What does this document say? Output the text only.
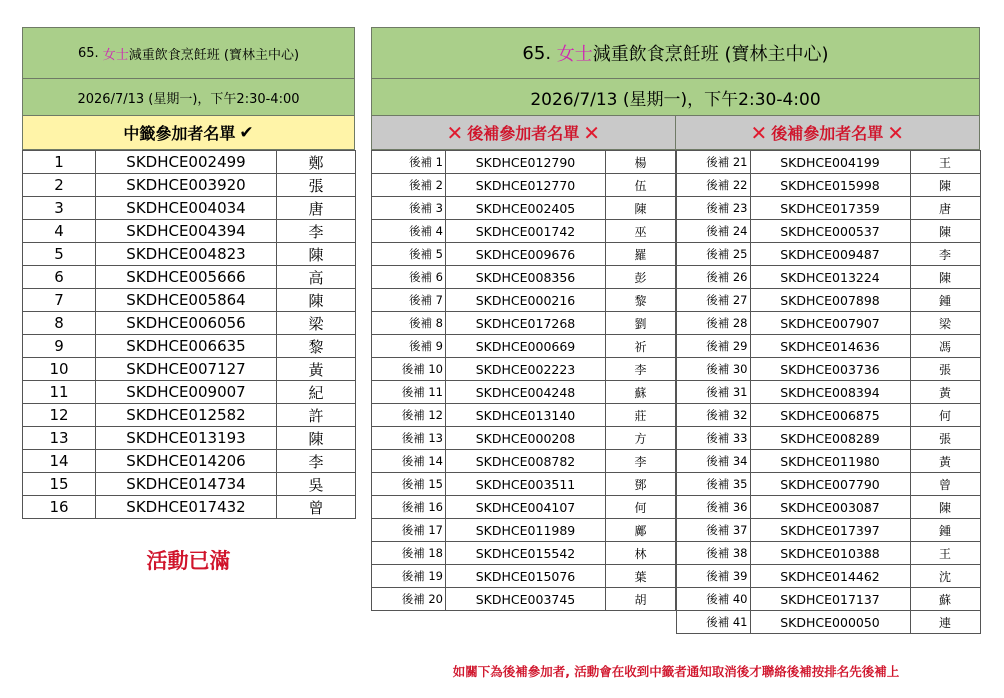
65.
女士 減重飲食烹飪班 (寶林主中心)
2026/7/13 (星期一)，下午2:30-4:00
中籤參加者名單 ✔
1	SKDHCE002499	鄭
2	SKDHCE003920	張
3	SKDHCE004034	唐
4	SKDHCE004394	李
5	SKDHCE004823	陳
6	SKDHCE005666	高
7	SKDHCE005864	陳
8	SKDHCE006056	梁
9	SKDHCE006635	黎
10	SKDHCE007127	黃
11	SKDHCE009007	紀
12	SKDHCE012582	許
13	SKDHCE013193	陳
14	SKDHCE014206	李
15	SKDHCE014734	吳
16	SKDHCE017432	曾
活動已滿
65.
女士 減重飲食烹飪班 (寶林主中心)
2026/7/13 (星期一)，下午2:30-4:00
✕ 後補參加者名單 ✕
後補 1	SKDHCE012790	楊
後補 2	SKDHCE012770	伍
後補 3	SKDHCE002405	陳
後補 4	SKDHCE001742	巫
後補 5	SKDHCE009676	羅
後補 6	SKDHCE008356	彭
後補 7	SKDHCE000216	黎
後補 8	SKDHCE017268	劉
後補 9	SKDHCE000669	祈
後補 10	SKDHCE002223	李
後補 11	SKDHCE004248	蘇
後補 12	SKDHCE013140	莊
後補 13	SKDHCE000208	方
後補 14	SKDHCE008782	李
後補 15	SKDHCE003511	鄧
後補 16	SKDHCE004107	何
後補 17	SKDHCE011989	鄺
後補 18	SKDHCE015542	林
後補 19	SKDHCE015076	葉
後補 20	SKDHCE003745	胡

✕ 後補參加者名單 ✕
後補 21	SKDHCE004199	王
後補 22	SKDHCE015998	陳
後補 23	SKDHCE017359	唐
後補 24	SKDHCE000537	陳
後補 25	SKDHCE009487	李
後補 26	SKDHCE013224	陳
後補 27	SKDHCE007898	鍾
後補 28	SKDHCE007907	梁
後補 29	SKDHCE014636	馮
後補 30	SKDHCE003736	張
後補 31	SKDHCE008394	黃
後補 32	SKDHCE006875	何
後補 33	SKDHCE008289	張
後補 34	SKDHCE011980	黃
後補 35	SKDHCE007790	曾
後補 36	SKDHCE003087	陳
後補 37	SKDHCE017397	鍾
後補 38	SKDHCE010388	王
後補 39	SKDHCE014462	沈
後補 40	SKDHCE017137	蘇
後補 41	SKDHCE000050	連
如關下為後補參加者, 活動會在收到中籤者通知取消後才聯絡後補按排名先後補上
